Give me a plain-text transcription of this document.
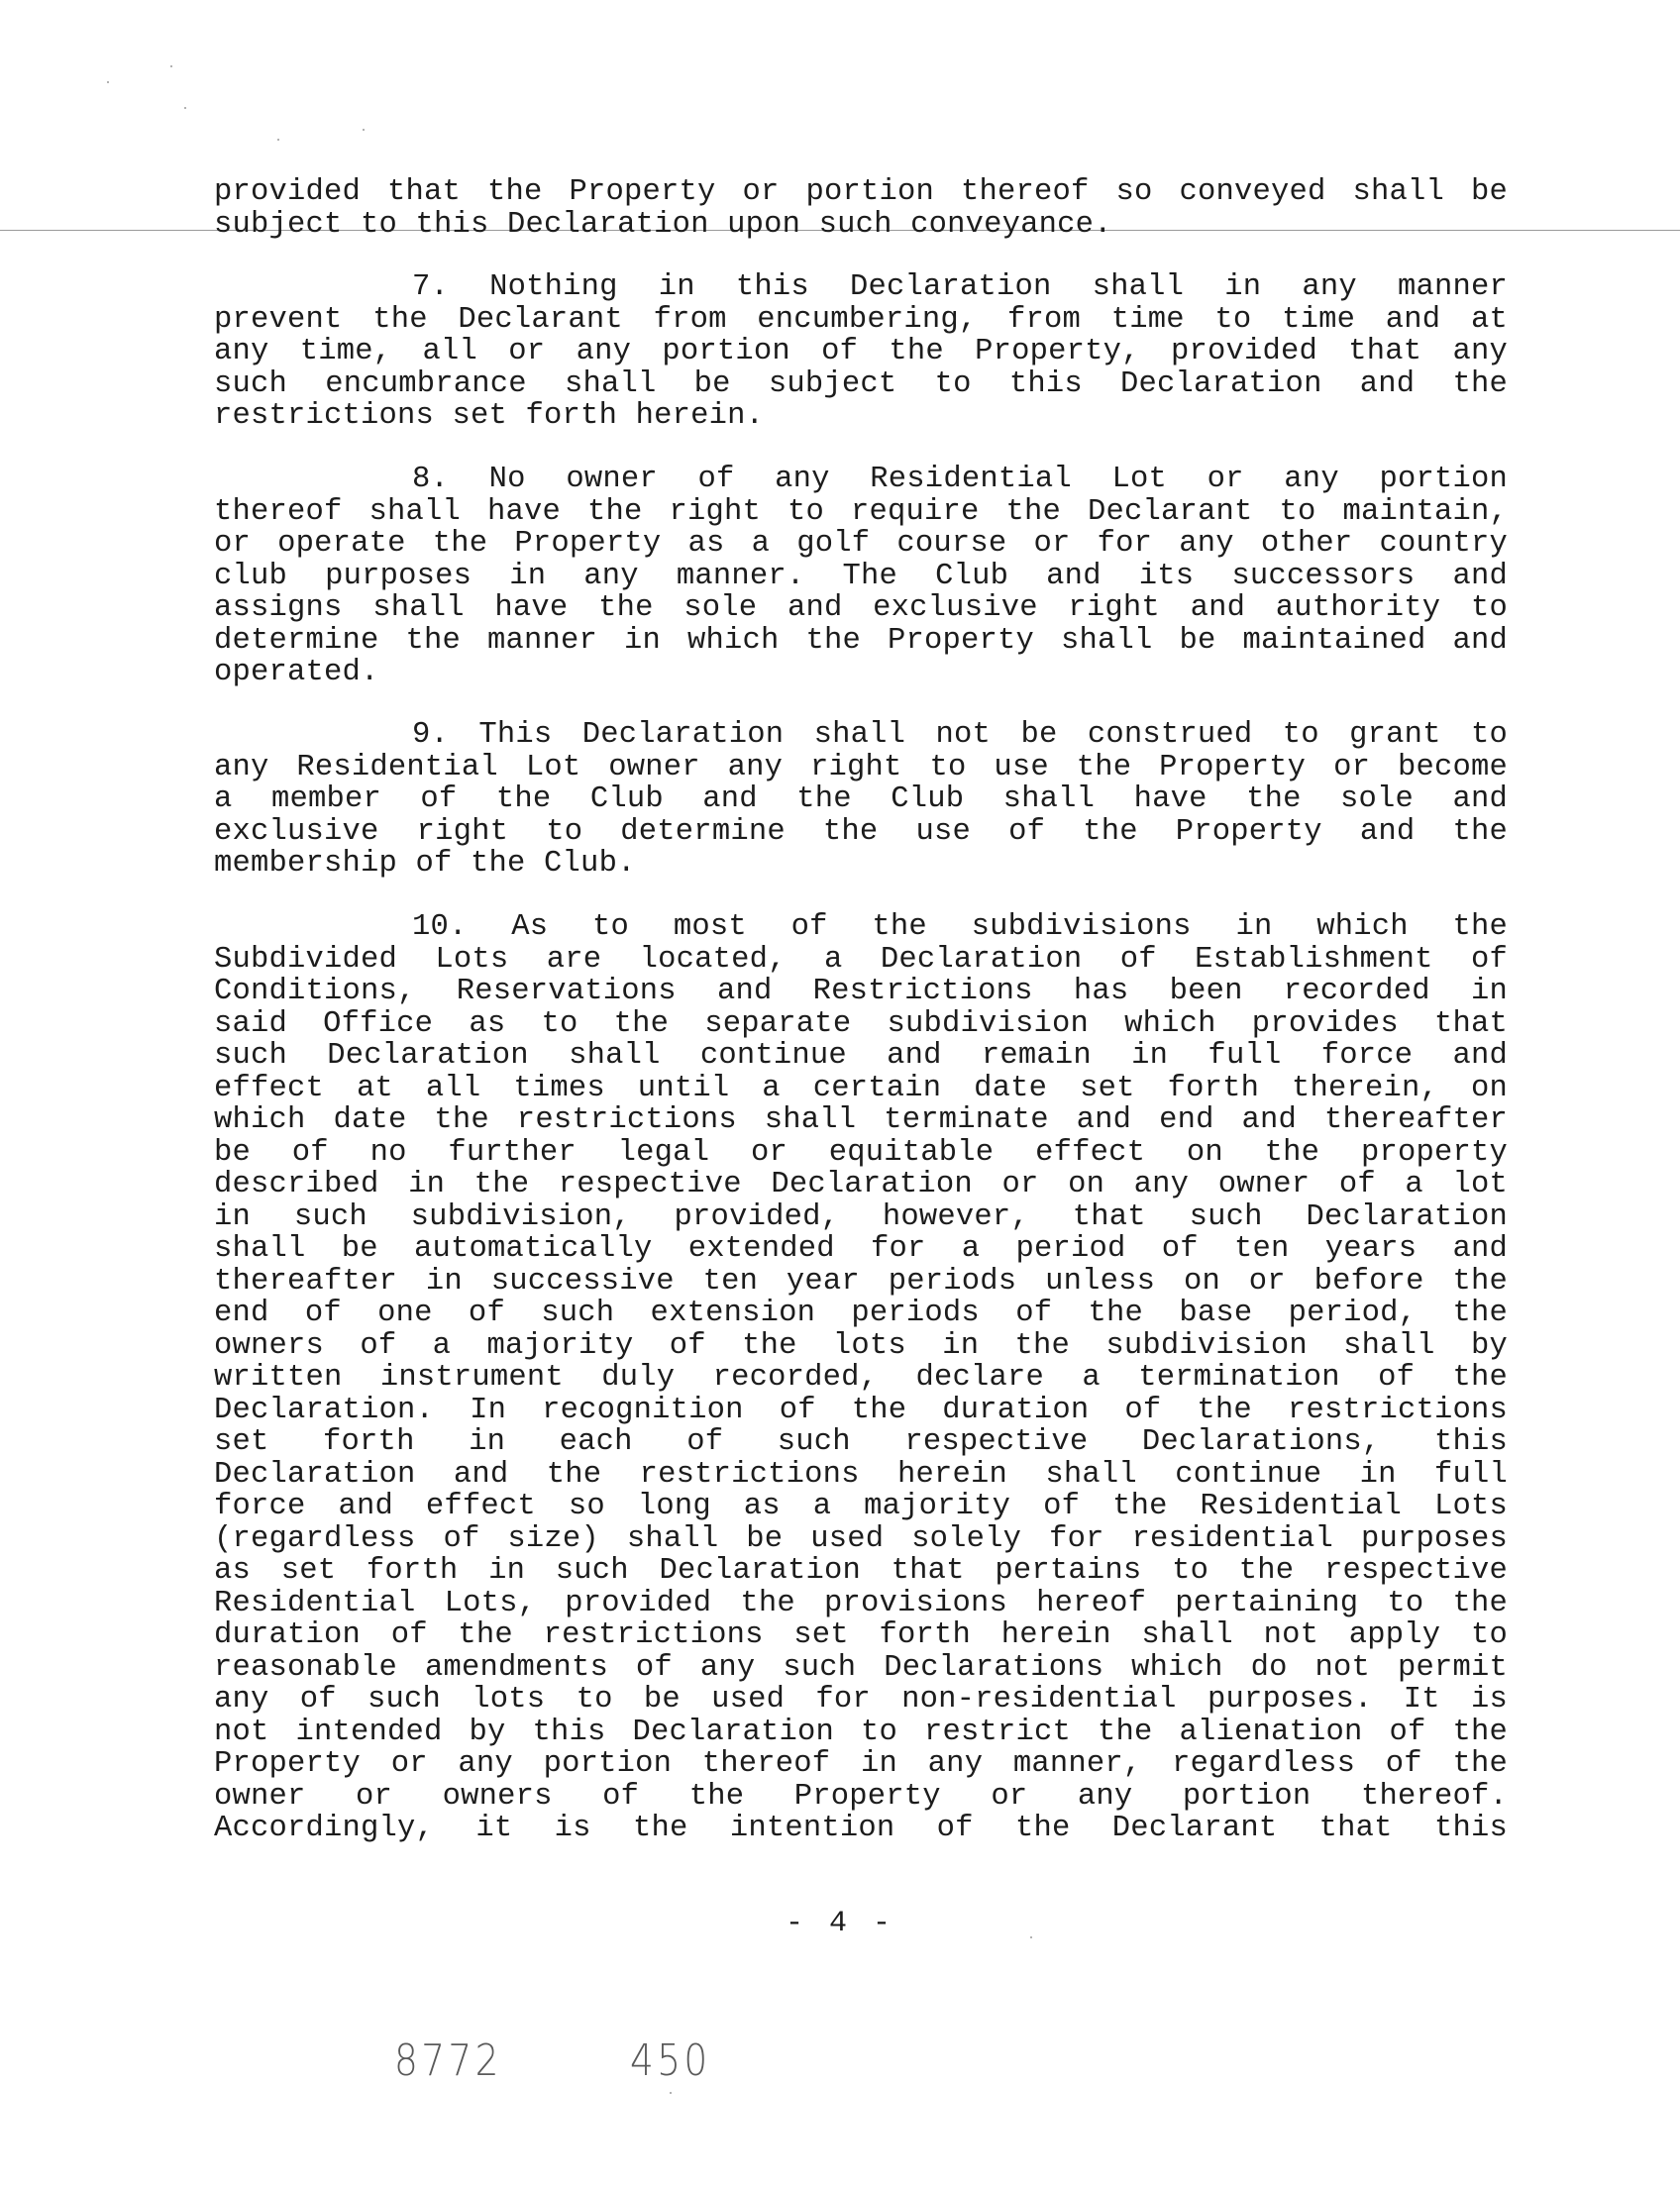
provided that the Property or portion thereof so conveyed shall be
subject to this Declaration upon such conveyance.
7. Nothing in this Declaration shall in any manner
prevent the Declarant from encumbering, from time to time and at
any time, all or any portion of the Property, provided that any
such encumbrance shall be subject to this Declaration and the
restrictions set forth herein.
8. No owner of any Residential Lot or any portion
thereof shall have the right to require the Declarant to maintain,
or operate the Property as a golf course or for any other country
club purposes in any manner. The Club and its successors and
assigns shall have the sole and exclusive right and authority to
determine the manner in which the Property shall be maintained and
operated.
9. This Declaration shall not be construed to grant to
any Residential Lot owner any right to use the Property or become
a member of the Club and the Club shall have the sole and
exclusive right to determine the use of the Property and the
membership of the Club.
10. As to most of the subdivisions in which the
Subdivided Lots are located, a Declaration of Establishment of
Conditions, Reservations and Restrictions has been recorded in
said Office as to the separate subdivision which provides that
such Declaration shall continue and remain in full force and
effect at all times until a certain date set forth therein, on
which date the restrictions shall terminate and end and thereafter
be of no further legal or equitable effect on the property
described in the respective Declaration or on any owner of a lot
in such subdivision, provided, however, that such Declaration
shall be automatically extended for a period of ten years and
thereafter in successive ten year periods unless on or before the
end of one of such extension periods of the base period, the
owners of a majority of the lots in the subdivision shall by
written instrument duly recorded, declare a termination of the
Declaration. In recognition of the duration of the restrictions
set forth in each of such respective Declarations, this
Declaration and the restrictions herein shall continue in full
force and effect so long as a majority of the Residential Lots
(regardless of size) shall be used solely for residential purposes
as set forth in such Declaration that pertains to the respective
Residential Lots, provided the provisions hereof pertaining to the
duration of the restrictions set forth herein shall not apply to
reasonable amendments of any such Declarations which do not permit
any of such lots to be used for non-residential purposes. It is
not intended by this Declaration to restrict the alienation of the
Property or any portion thereof in any manner, regardless of the
owner or owners of the Property or any portion thereof.
Accordingly, it is the intention of the Declarant that this
- 4 -
8772	450
